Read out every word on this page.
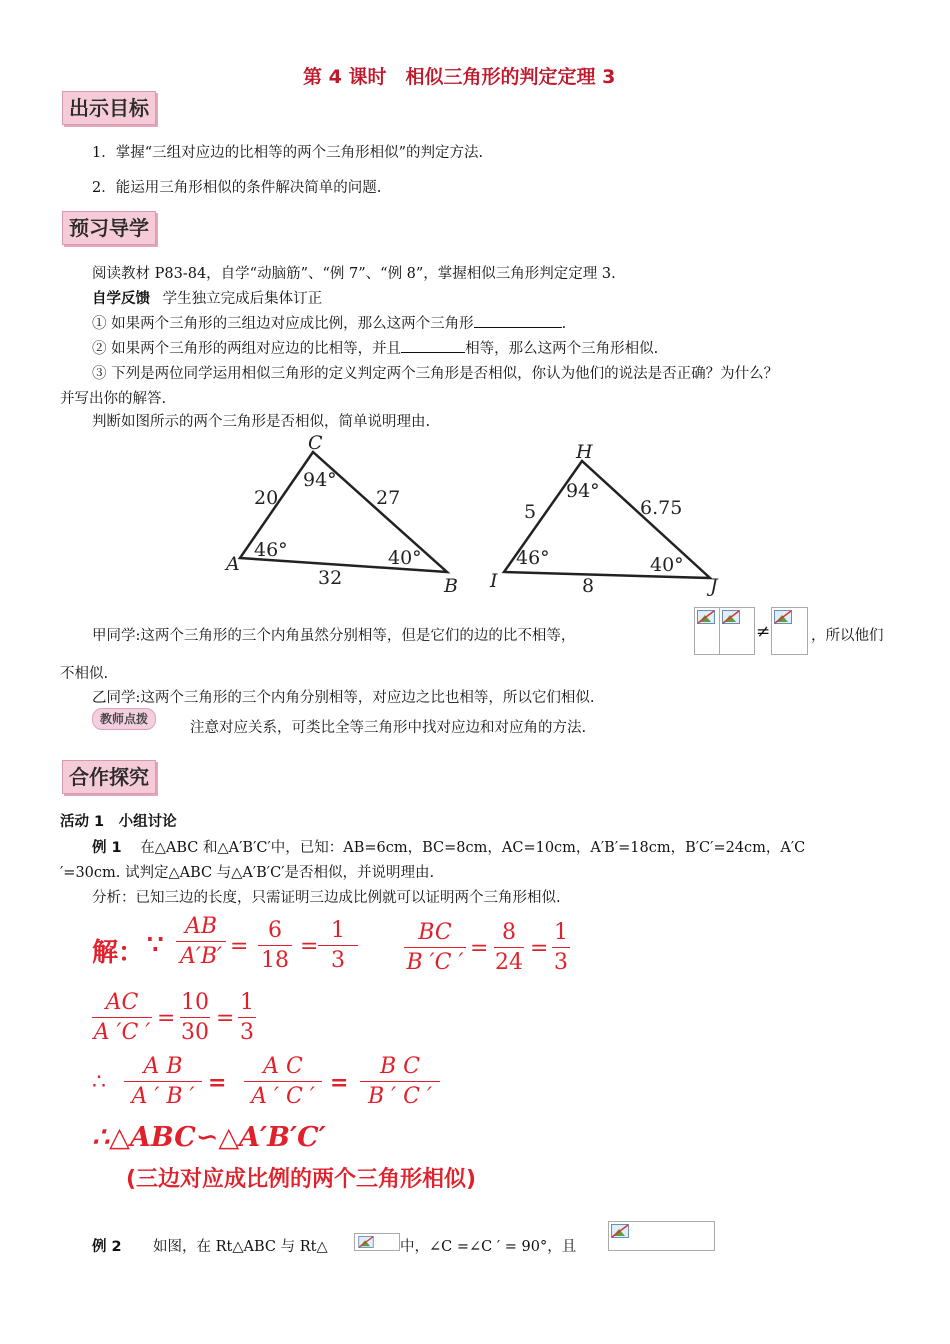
第 4 课时　相似三角形的判定定理 3
出示目标
1．掌握“三组对应边的比相等的两个三角形相似”的判定方法.
2．能运用三角形相似的条件解决简单的问题.
预习导学
阅读教材 P83-84，自学“动脑筋”、“例 7”、“例 8”，掌握相似三角形判定定理 3.
自学反馈 学生独立完成后集体订正
① 如果两个三角形的三组边对应成比例，那么这两个三角形	.
② 如果两个三角形的两组对应边的比相等，并且	相等，那么这两个三角形相似.
③ 下列是两位同学运用相似三角形的定义判定两个三角形是否相似，你认为他们的说法是否正确？为什么？
并写出你的解答.
判断如图所示的两个三角形是否相似，简单说明理由.
C
A
B
20	27
32
94°
46°	40°
H
I	J
5	6.75
8
94°
46°	40°
甲同学:这两个三角形的三个内角虽然分别相等，但是它们的边的比不相等，	≠	，所以他们
不相似.
乙同学:这两个三角形的三个内角分别相等，对应边之比也相等，所以它们相似.
教师点拨
注意对应关系，可类比全等三角形中找对应边和对应角的方法.
合作探究
活动 1　小组讨论
例 1 在△ABC 和△A′B′C′中，已知：AB=6cm，BC=8cm，AC=10cm，A′B′=18cm，B′C′=24cm，A′C
′=30cm. 试判定△ABC 与△A′B′C′是否相似，并说明理由.
分析：已知三边的长度，只需证明三边成比例就可以证明两个三角形相似.
解： ∵
AB
A′B′ =
6
18
=
1
3
BC
B ′C ′
=
8
24
=
1
3
AC
A ′C ′
=
10
30
=
1
3
∴
A B
A ′ B ′
=
A C
A ′ C ′
=
B C
B ′ C ′
∴△ABC∽△A′B′C′
(三边对应成比例的两个三角形相似)
例 2 如图，在 Rt△ABC 与 Rt△	中，∠C =∠C ′ = 90°，且
